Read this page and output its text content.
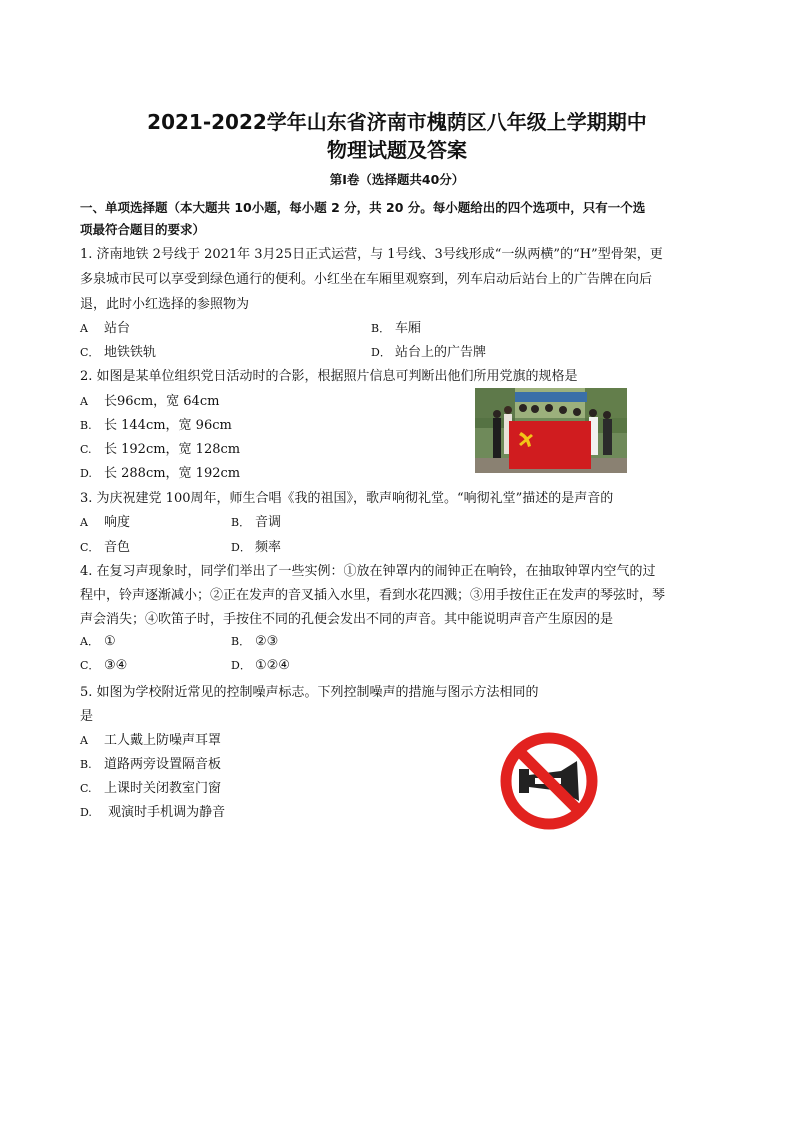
2021-2022学年山东省济南市槐荫区八年级上学期期中
物理试题及答案
第Ⅰ卷（选择题共40分）
一、单项选择题（本大题共 10小题，每小题 2 分，共 20 分。每小题给出的四个选项中，只有一个选
项最符合题目的要求）
1. 济南地铁 2号线于 2021年 3月25日正式运营，与 1号线、3号线形成“一纵两横”的“H”型骨架，更
多泉城市民可以享受到绿色通行的便利。小红坐在车厢里观察到，列车启动后站台上的广告牌在向后
退，此时小红选择的参照物为
A 站台	B． 车厢
C． 地铁铁轨	D． 站台上的广告牌
2. 如图是某单位组织党日活动时的合影，根据照片信息可判断出他们所用党旗的规格是
A 长96cm，宽 64cm
B. 长 144cm，宽 96cm
C. 长 192cm，宽 128cm
D. 长 288cm，宽 192cm
3. 为庆祝建党 100周年，师生合唱《我的祖国》，歌声响彻礼堂。“响彻礼堂”描述的是声音的
A 响度	B． 音调
C． 音色	D． 频率
4. 在复习声现象时，同学们举出了一些实例：①放在钟罩内的闹钟正在响铃，在抽取钟罩内空气的过
程中，铃声逐渐减小；②正在发声的音叉插入水里，看到水花四溅；③用手按住正在发声的琴弦时，琴
声会消失；④吹笛子时，手按住不同的孔便会发出不同的声音。其中能说明声音产生原因的是
A． ①	B． ②③
C． ③④	D． ①②④
5. 如图为学校附近常见的控制噪声标志。下列控制噪声的措施与图示方法相同的
是
A 工人戴上防噪声耳罩
B. 道路两旁设置隔音板
C. 上课时关闭教室门窗
D. 观演时手机调为静音
